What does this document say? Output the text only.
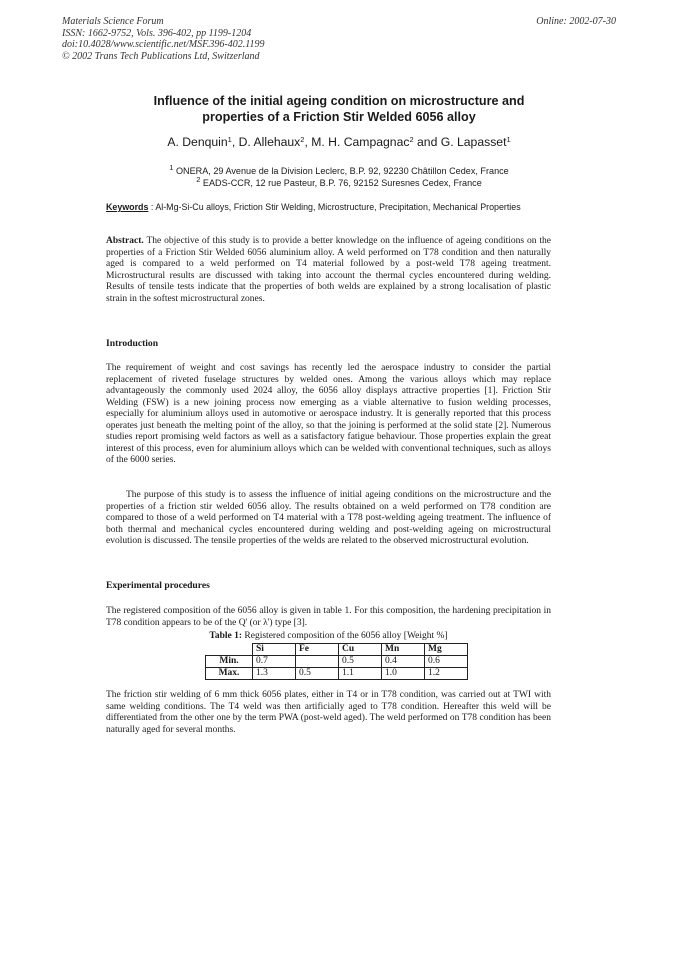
Materials Science Forum
ISSN: 1662-9752, Vols. 396-402, pp 1199-1204
doi:10.4028/www.scientific.net/MSF.396-402.1199
© 2002 Trans Tech Publications Ltd, Switzerland
Online: 2002-07-30
Influence of the initial ageing condition on microstructure and
properties of a Friction Stir Welded 6056 alloy
A. Denquin$^1$, D. Allehaux$^2$, M. H. Campagnac$^2$ and G. Lapasset$^1$
$^1$ ONERA, 29 Avenue de la Division Leclerc, B.P. 92, 92230 Châtillon Cedex, France
$^2$ EADS-CCR, 12 rue Pasteur, B.P. 76, 92152 Suresnes Cedex, France
Keywords : Al-Mg-Si-Cu alloys, Friction Stir Welding, Microstructure, Precipitation, Mechanical Properties
Abstract. The objective of this study is to provide a better knowledge on the influence of ageing conditions on the properties of a Friction Stir Welded 6056 aluminium alloy. A weld performed on T78 condition and then naturally aged is compared to a weld performed on T4 material followed by a post-weld T78 ageing treatment. Microstructural results are discussed with taking into account the thermal cycles encountered during welding. Results of tensile tests indicate that the properties of both welds are explained by a strong localisation of plastic strain in the softest microstructural zones.
Introduction
The requirement of weight and cost savings has recently led the aerospace industry to consider the partial replacement of riveted fuselage structures by welded ones. Among the various alloys which may replace advantageously the commonly used 2024 alloy, the 6056 alloy displays attractive properties [1]. Friction Stir Welding (FSW) is a new joining process now emerging as a viable alternative to fusion welding processes, especially for aluminium alloys used in automotive or aerospace industry. It is generally reported that this process operates just beneath the melting point of the alloy, so that the joining is performed at the solid state [2]. Numerous studies report promising weld factors as well as a satisfactory fatigue behaviour. Those properties explain the great interest of this process, even for aluminium alloys which can be welded with conventional techniques, such as alloys of the 6000 series.
The purpose of this study is to assess the influence of initial ageing conditions on the microstructure and the properties of a friction stir welded 6056 alloy. The results obtained on a weld performed on T78 condition are compared to those of a weld performed on T4 material with a T78 post-welding ageing treatment. The influence of both thermal and mechanical cycles encountered during welding and post-welding ageing on microstructural evolution is discussed. The tensile properties of the welds are related to the observed microstructural evolution.
Experimental procedures
The registered composition of the 6056 alloy is given in table 1. For this composition, the hardening precipitation in T78 condition appears to be of the Q' (or λ') type [3].
Table 1: Registered composition of the 6056 alloy [Weight %]
	Si	Fe	Cu	Mn	Mg
Min.	0.7		0.5	0.4	0.6
Max.	1.3	0.5	1.1	1.0	1.2
The friction stir welding of 6 mm thick 6056 plates, either in T4 or in T78 condition, was carried out at TWI with same welding conditions. The T4 weld was then artificially aged to T78 condition. Hereafter this weld will be differentiated from the other one by the term PWA (post-weld aged). The weld performed on T78 condition has been naturally aged for several months.
